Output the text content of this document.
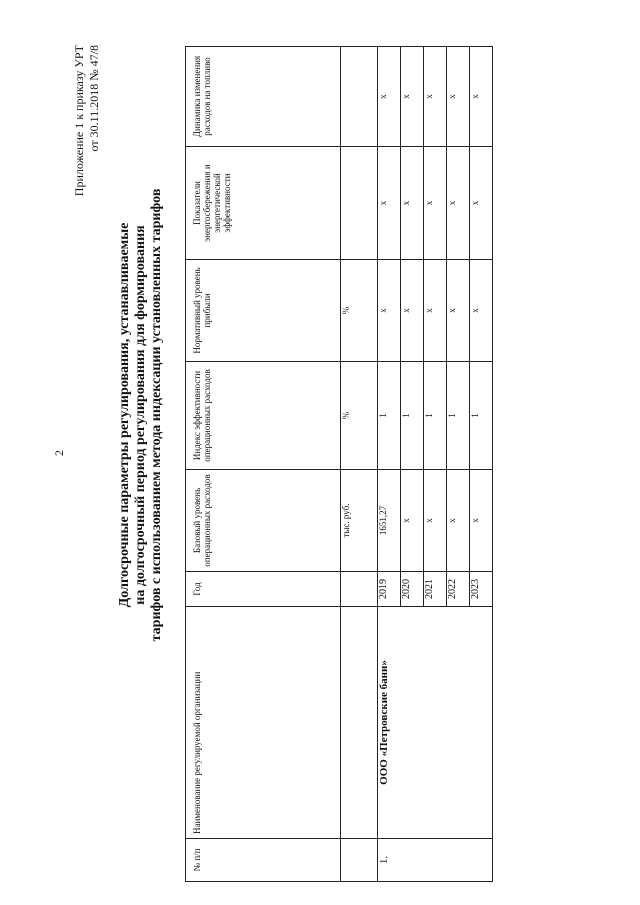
2
Приложение 1 к приказу УРТ от 30.11.2018 № 47/8
Долгосрочные параметры регулирования, устанавливаемые на долгосрочный период регулирования для формирования тарифов с использованием метода индексации установленных тарифов
№ п/п	Наименование регулируемой организации	Год	Базовый уровень операционных расходов	Индекс эффективности операционных расходов	Нормативный уровень прибыли	Показатели энергосбережения и энергетической эффективности	Динамика изменения расходов на топливо
			тыс. руб.	%	%		
1.	ООО «Петровские бани»	2019	1651,27	1	x	x	x
		2020	x	1	x	x	x
		2021	x	1	x	x	x
		2022	x	1	x	x	x
		2023	x	1	x	x	x
